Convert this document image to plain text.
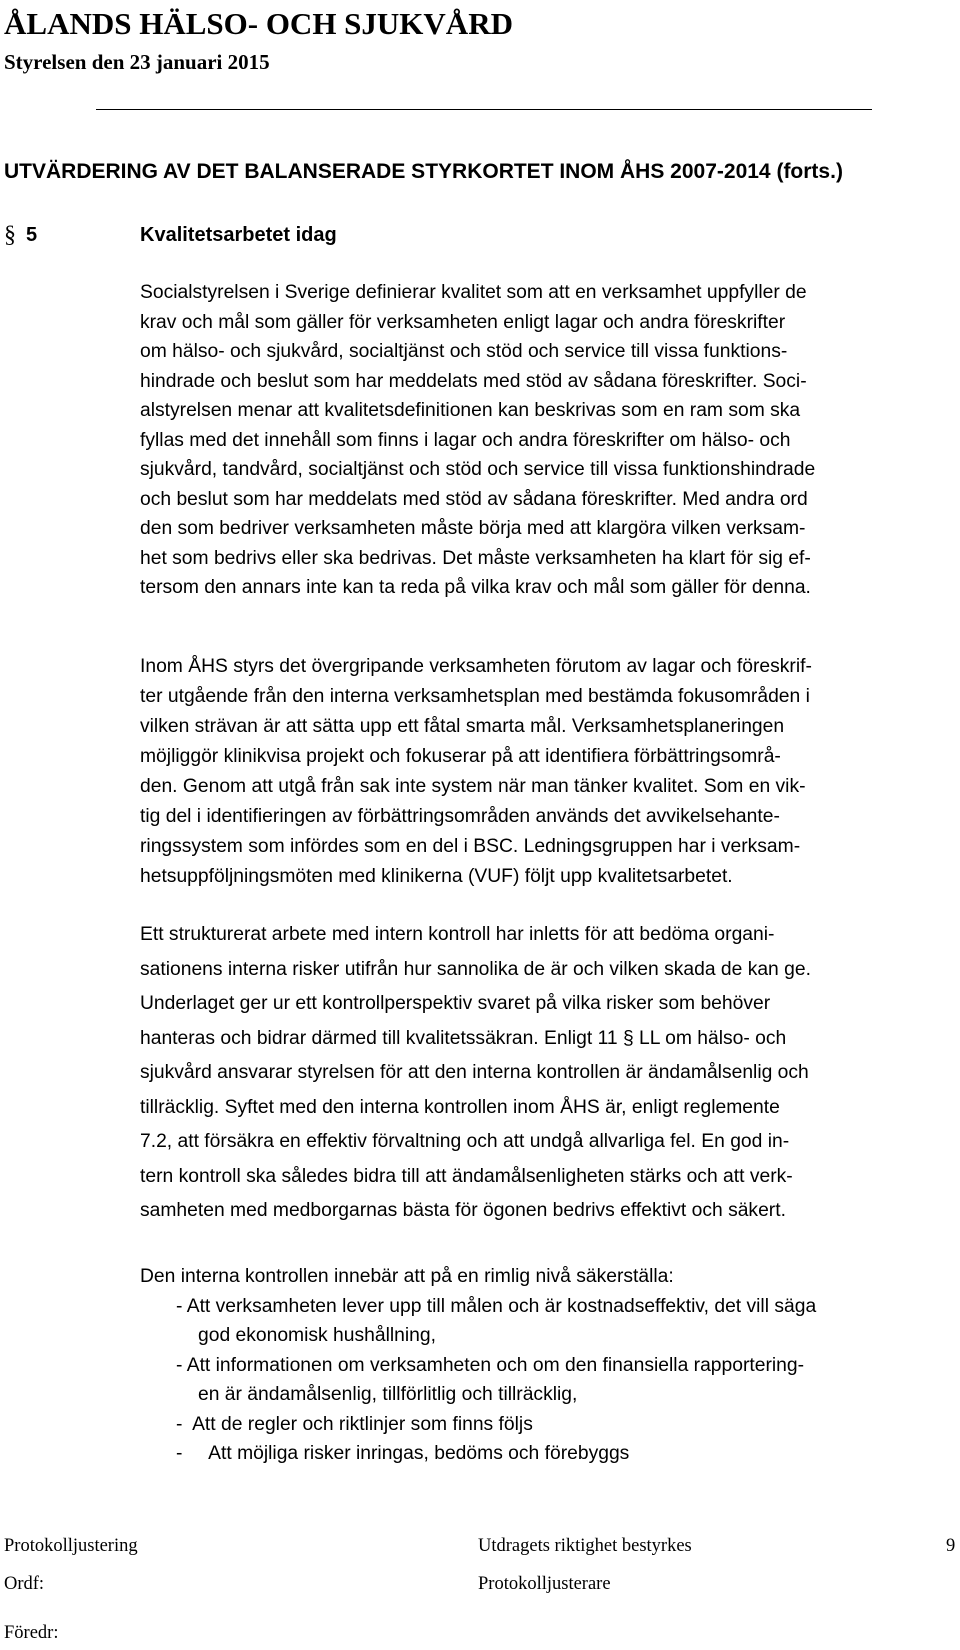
ÅLANDS HÄLSO- OCH SJUKVÅRD
Styrelsen den 23 januari 2015
UTVÄRDERING AV DET BALANSERADE STYRKORTET INOM ÅHS 2007-2014 (forts.)
§ 5	Kvalitetsarbetet idag
Socialstyrelsen i Sverige definierar kvalitet som att en verksamhet uppfyller de
krav och mål som gäller för verksamheten enligt lagar och andra föreskrifter
om hälso- och sjukvård, socialtjänst och stöd och service till vissa funktions-
hindrade och beslut som har meddelats med stöd av sådana föreskrifter. Soci-
alstyrelsen menar att kvalitetsdefinitionen kan beskrivas som en ram som ska
fyllas med det innehåll som finns i lagar och andra föreskrifter om hälso- och
sjukvård, tandvård, socialtjänst och stöd och service till vissa funktionshindrade
och beslut som har meddelats med stöd av sådana föreskrifter. Med andra ord
den som bedriver verksamheten måste börja med att klargöra vilken verksam-
het som bedrivs eller ska bedrivas. Det måste verksamheten ha klart för sig ef-
tersom den annars inte kan ta reda på vilka krav och mål som gäller för denna.
Inom ÅHS styrs det övergripande verksamheten förutom av lagar och föreskrif-
ter utgående från den interna verksamhetsplan med bestämda fokusområden i
vilken strävan är att sätta upp ett fåtal smarta mål. Verksamhetsplaneringen
möjliggör klinikvisa projekt och fokuserar på att identifiera förbättringsområ-
den. Genom att utgå från sak inte system när man tänker kvalitet. Som en vik-
tig del i identifieringen av förbättringsområden används det avvikelsehante-
ringssystem som infördes som en del i BSC. Ledningsgruppen har i verksam-
hetsuppföljningsmöten med klinikerna (VUF) följt upp kvalitetsarbetet.
Ett strukturerat arbete med intern kontroll har inletts för att bedöma organi-
sationens interna risker utifrån hur sannolika de är och vilken skada de kan ge.
Underlaget ger ur ett kontrollperspektiv svaret på vilka risker som behöver
hanteras och bidrar därmed till kvalitetssäkran. Enligt 11 § LL om hälso- och
sjukvård ansvarar styrelsen för att den interna kontrollen är ändamålsenlig och
tillräcklig. Syftet med den interna kontrollen inom ÅHS är, enligt reglemente
7.2, att försäkra en effektiv förvaltning och att undgå allvarliga fel. En god in-
tern kontroll ska således bidra till att ändamålsenligheten stärks och att verk-
samheten med medborgarnas bästa för ögonen bedrivs effektivt och säkert.
Den interna kontrollen innebär att på en rimlig nivå säkerställa:
- Att verksamheten lever upp till målen och är kostnadseffektiv, det vill säga
god ekonomisk hushållning,
- Att informationen om verksamheten och om den finansiella rapportering-
en är ändamålsenlig, tillförlitlig och tillräcklig,
-  Att de regler och riktlinjer som finns följs
-     Att möjliga risker inringas, bedöms och förebyggs
Protokolljustering	Utdragets riktighet bestyrkes	9
Ordf:	Protokolljusterare
Föredr:
